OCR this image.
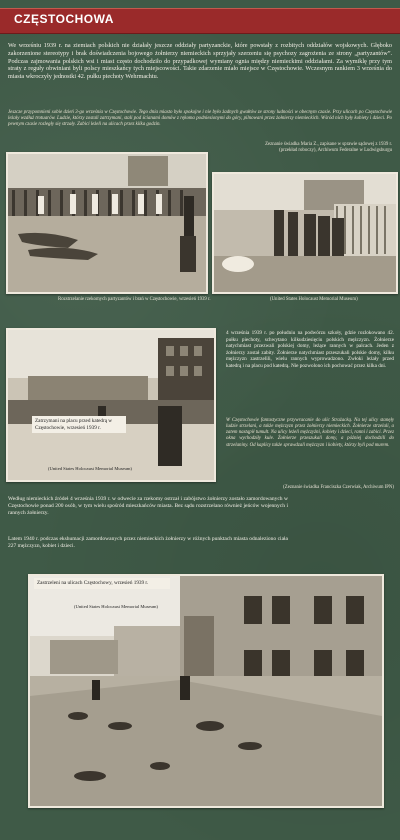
CZĘSTOCHOWA

We wrześniu 1939 r. na ziemiach polskich nie działały jeszcze oddziały partyzanckie, które powstały z rozbitych oddziałów wojskowych. Głęboko zakorzenione stereotypy i brak doświadczenia bojowego żołnierzy niemieckich sprzyjały szerzeniu się psychozy zagrożenia ze strony „partyzantów”. Podczas zajmowania polskich wsi i miast często dochodziło do przypadkowej wymiany ognia między niemieckimi oddziałami. Za wymiklę przy tym straty z reguły obwiniani byli polscy mieszkańcy tych miejscowości. Takie zdarzenie miało miejsce w Częstochowie. Wczesnym rankiem 3 września do miasta wkroczyły jednostki 42. pułku piechoty Wehrmachtu.

Jeszcze przypomnieni sobie dzień 3-go września w Częstochowie. Tego dnia miasto było spokojne i nie było żadnych gwałtów ze strony ludności w obecnym czasie. Przy ulicach po Częstochowie leżały wzdłuż trotuarów. Ludzie, którzy zostali zatrzymani, stali pod ścianami domów z rękoma podniesionymi do góry, pilnowani przez żołnierzy niemieckich. Wśród nich były kobiety i dzieci. Po pewnym czasie rozległy się strzały. Zabici leżeli na ulicach przez kilka godzin.

Zeznanie świadka Maria Z., zapisane w sprawie sądowej z 1939 r. (przekład roboczy), Archiwum Federalne w Ludwigsburgu

Rozstrzelanie rzekomych partyzantów i brań w Częstochowie, wrzesień 1939 r.	(United States Holocaust Memorial Museum)

Zatrzymani na placu przed katedrą w Częstochowie, wrzesień 1939 r.
(United States Holocaust Memorial Museum)

4 września 1939 r. po południu na podwórzu szkoły, gdzie rozlokowano 42. pułku piechoty, schwytano kilkudziesięciu polskich mężczyzn. Żołnierze natychmiast przezwali polskiej domy, leżące rannych w palcach. Jeden z żołnierzy został zabity. Żołnierze natychmiast przeszukali polskie domy, kilku mężczyzn zastrzelili, wielu rannych wyprowadzono. Zwłoki leżały przed katedrą i na placu pod katedrą. Nie pozwolono ich pochować przez kilka dni.

W Częstochowie fantastyczne przywracanie do ulic Strażacką. Na tej ulicy stanęły ludzie strzelani, a także mężczyzn przez żołnierzy niemieckich. Żołnierze strzelali, a zatem nastąpił tumult. Na ulicy leżeli mężczyźni, kobiety i dzieci, ranni i zabici. Przez okna wychodziły kule. Żołnierze przeszukali domy, a później dochodzili do strzelaniny. Od kaplicy także sprawdzali mężczyzn i kobiety, którzy byli pod murem.

(Zeznanie świadka Franciszka Czerwiak, Archiwum IPN)

Według niemieckich źródeł 4 września 1939 r. w odwecie za rzekomy ostrzał i zabójstwo żołnierzy zostało zamordowanych w Częstochowie ponad 200 osób, w tym wielu spośród mieszkańców miasta. Bez sądu rozstrzelano również jeńców wojennych i rannych żołnierzy.

Latem 1940 r. podczas ekshumacji zamordowanych przez niemieckich żołnierzy w różnych punktach miasta odnaleziono ciała 227 mężczyzn, kobiet i dzieci.

Zastrzeleni na ulicach Częstochowy, wrzesień 1939 r.
(United States Holocaust Memorial Museum)
